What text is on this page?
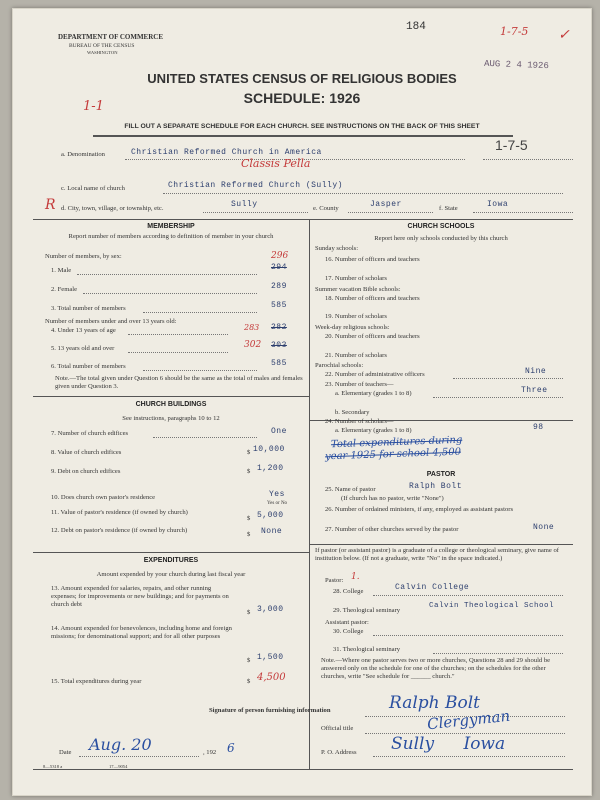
DEPARTMENT OF COMMERCE
BUREAU OF THE CENSUS
WASHINGTON
184
AUG 2 4 1926
1-7-5 ✓
1-1
UNITED STATES CENSUS OF RELIGIOUS BODIES
SCHEDULE: 1926
FILL OUT A SEPARATE SCHEDULE FOR EACH CHURCH. SEE INSTRUCTIONS ON THE BACK OF THIS SHEET
a. Denomination	Christian Reformed Church in America
Classis Pella
1-7-5
c. Local name of church	Christian Reformed Church (Sully)
R d. City, town, village, or township, etc.	Sully	e. County	Jasper	f. State	Iowa
MEMBERSHIP
Report number of members according to definition of member in your church
Number of members, by sex:
1. Male	294
296
2. Female	289
3. Total number of members	585
Number of members under and over 13 years old:
4. Under 13 years of age	283 282
5. 13 years old and over	302 303
6. Total number of members	585
Note.—The total given under Question 6 should be the same as the total of males and females given under Question 3.
CHURCH BUILDINGS
See instructions, paragraphs 10 to 12
7. Number of church edifices	One
8. Value of church edifices	$ 10,000
9. Debt on church edifices	$ 1,200
10. Does church own pastor's residence	Yes
Yes or No
11. Value of pastor's residence (if owned by church)
$ 5,000
12. Debt on pastor's residence (if owned by church)
$ None
EXPENDITURES
Amount expended by your church during last fiscal year
13. Amount expended for salaries, repairs, and other running expenses; for improvements or new buildings; and for payments on church debt
$ 3,000
14. Amount expended for benevolences, including home and foreign missions; for denominational support; and for all other purposes
$ 1,500
15. Total expenditures during year	$ 4,500
CHURCH SCHOOLS
Report here only schools conducted by this church
Sunday schools:
16. Number of officers and teachers
17. Number of scholars
Summer vacation Bible schools:
18. Number of officers and teachers
19. Number of scholars
Week-day religious schools:
20. Number of officers and teachers
21. Number of scholars
Parochial schools:
22. Number of administrative officers	Nine
23. Number of teachers—
a. Elementary (grades 1 to 8)	Three
b. Secondary
24. Number of scholars—
a. Elementary (grades 1 to 8)	98
Total expenditures during
year 1925 for school 4,500
PASTOR
25. Name of pastor	Ralph Bolt
(If church has no pastor, write "None")
26. Number of ordained ministers, if any, employed as assistant pastors
27. Number of other churches served by the pastor	None
If pastor (or assistant pastor) is a graduate of a college or theological seminary, give name of institution below. (If not a graduate, write "No" in the space indicated.)
Pastor: 1.
28. College	Calvin College
29. Theological seminary
Calvin Theological School
Assistant pastor:
30. College
31. Theological seminary
Note.—Where one pastor serves two or more churches, Questions 28 and 29 should be answered only on the schedule for one of the churches; on the schedules for the other churches, write "See schedule for ______ church."
Signature of person furnishing information	Ralph Bolt
Official title	Clergyman
Date Aug. 20	, 192 6	P. O. Address Sully Iowa
8—5318 a	17—9054
